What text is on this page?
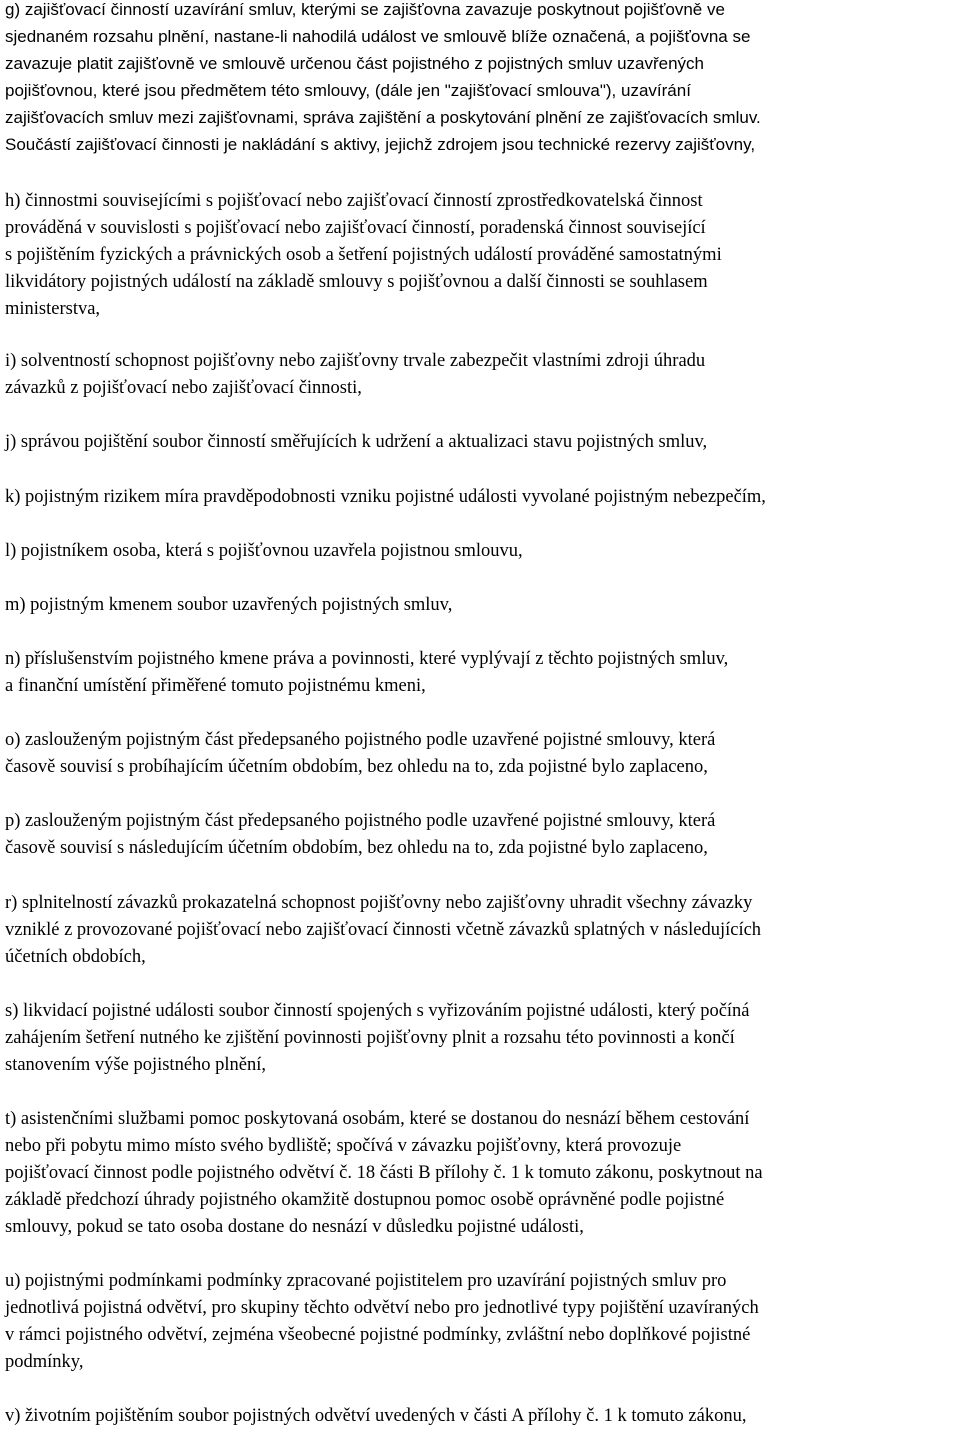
g) zajišťovací činností uzavírání smluv, kterými se zajišťovna zavazuje poskytnout pojišťovně ve
sjednaném rozsahu plnění, nastane-li nahodilá událost ve smlouvě blíže označená, a pojišťovna se
zavazuje platit zajišťovně ve smlouvě určenou část pojistného z pojistných smluv uzavřených
pojišťovnou, které jsou předmětem této smlouvy, (dále jen "zajišťovací smlouva"), uzavírání
zajišťovacích smluv mezi zajišťovnami, správa zajištění a poskytování plnění ze zajišťovacích smluv.
Součástí zajišťovací činnosti je nakládání s aktivy, jejichž zdrojem jsou technické rezervy zajišťovny,
h) činnostmi souvisejícími s pojišťovací nebo zajišťovací činností zprostředkovatelská činnost
prováděná v souvislosti s pojišťovací nebo zajišťovací činností, poradenská činnost související
s pojištěním fyzických a právnických osob a šetření pojistných událostí prováděné samostatnými
likvidátory pojistných událostí na základě smlouvy s pojišťovnou a další činnosti se souhlasem
ministerstva,
i) solventností schopnost pojišťovny nebo zajišťovny trvale zabezpečit vlastními zdroji úhradu
závazků z pojišťovací nebo zajišťovací činnosti,
j) správou pojištění soubor činností směřujících k udržení a aktualizaci stavu pojistných smluv,
k) pojistným rizikem míra pravděpodobnosti vzniku pojistné události vyvolané pojistným nebezpečím,
l) pojistníkem osoba, která s pojišťovnou uzavřela pojistnou smlouvu,
m) pojistným kmenem soubor uzavřených pojistných smluv,
n) příslušenstvím pojistného kmene práva a povinnosti, které vyplývají z těchto pojistných smluv,
a finanční umístění přiměřené tomuto pojistnému kmeni,
o) zaslouženým pojistným část předepsaného pojistného podle uzavřené pojistné smlouvy, která
časově souvisí s probíhajícím účetním obdobím, bez ohledu na to, zda pojistné bylo zaplaceno,
p) zaslouženým pojistným část předepsaného pojistného podle uzavřené pojistné smlouvy, která
časově souvisí s následujícím účetním obdobím, bez ohledu na to, zda pojistné bylo zaplaceno,
r) splnitelností závazků prokazatelná schopnost pojišťovny nebo zajišťovny uhradit všechny závazky
vzniklé z provozované pojišťovací nebo zajišťovací činnosti včetně závazků splatných v následujících
účetních obdobích,
s) likvidací pojistné události soubor činností spojených s vyřizováním pojistné události, který počíná
zahájením šetření nutného ke zjištění povinnosti pojišťovny plnit a rozsahu této povinnosti a končí
stanovením výše pojistného plnění,
t) asistenčními službami pomoc poskytovaná osobám, které se dostanou do nesnází během cestování
nebo při pobytu mimo místo svého bydliště; spočívá v závazku pojišťovny, která provozuje
pojišťovací činnost podle pojistného odvětví č. 18 části B přílohy č. 1 k tomuto zákonu, poskytnout na
základě předchozí úhrady pojistného okamžitě dostupnou pomoc osobě oprávněné podle pojistné
smlouvy, pokud se tato osoba dostane do nesnází v důsledku pojistné události,
u) pojistnými podmínkami podmínky zpracované pojistitelem pro uzavírání pojistných smluv pro
jednotlivá pojistná odvětví, pro skupiny těchto odvětví nebo pro jednotlivé typy pojištění uzavíraných
v rámci pojistného odvětví, zejména všeobecné pojistné podmínky, zvláštní nebo doplňkové pojistné
podmínky,
v) životním pojištěním soubor pojistných odvětví uvedených v části A přílohy č. 1 k tomuto zákonu,
